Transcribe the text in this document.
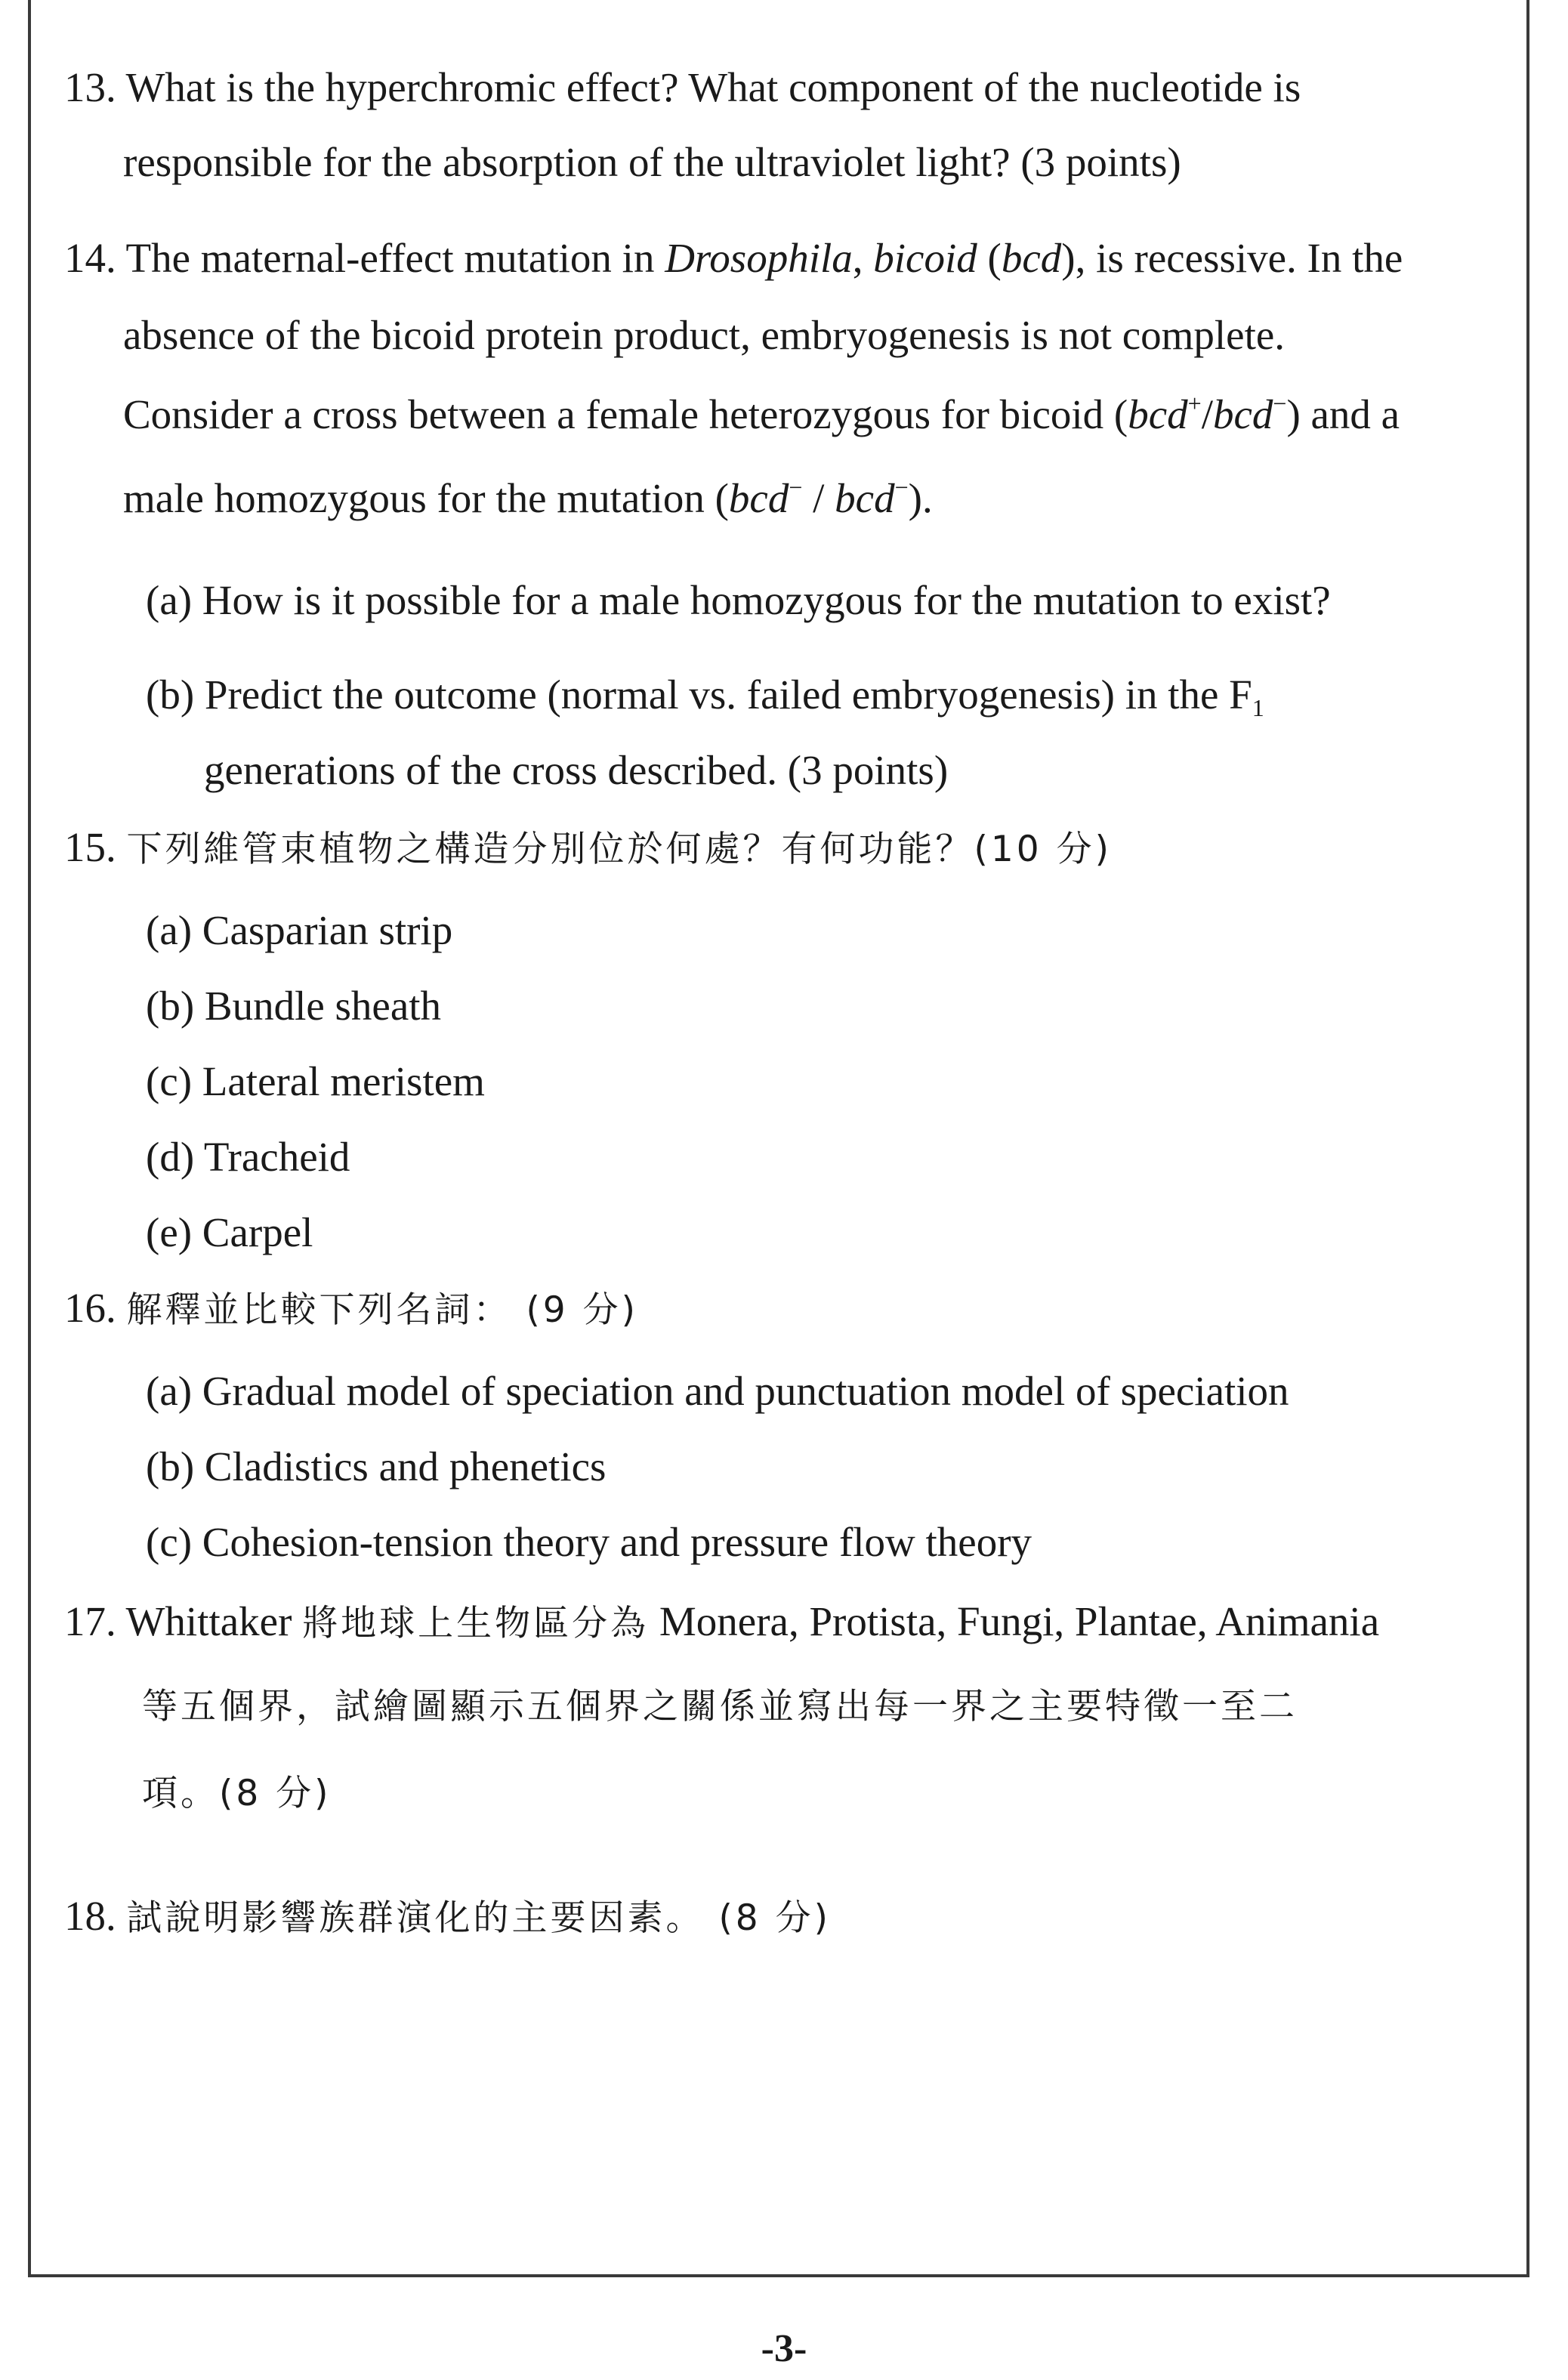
13. What is the hyperchromic effect? What component of the nucleotide is
responsible for the absorption of the ultraviolet light? (3 points)
14. The maternal-effect mutation in Drosophila, bicoid (bcd), is recessive. In the
absence of the bicoid protein product, embryogenesis is not complete.
Consider a cross between a female heterozygous for bicoid (bcd+/bcd−) and a
male homozygous for the mutation (bcd− / bcd−).
(a) How is it possible for a male homozygous for the mutation to exist?
(b) Predict the outcome (normal vs. failed embryogenesis) in the $F_1$
generations of the cross described. (3 points)
15. 下列維管束植物之構造分別位於何處？有何功能？(10 分)
(a) Casparian strip
(b) Bundle sheath
(c) Lateral meristem
(d) Tracheid
(e) Carpel
16. 解釋並比較下列名詞： (9 分)
(a) Gradual model of speciation and punctuation model of speciation
(b) Cladistics and phenetics
(c) Cohesion-tension theory and pressure flow theory
17. Whittaker 將地球上生物區分為 Monera, Protista, Fungi, Plantae, Animania
等五個界，試繪圖顯示五個界之關係並寫出每一界之主要特徵一至二
項。(8 分)
18. 試說明影響族群演化的主要因素。 (8 分)
-3-
